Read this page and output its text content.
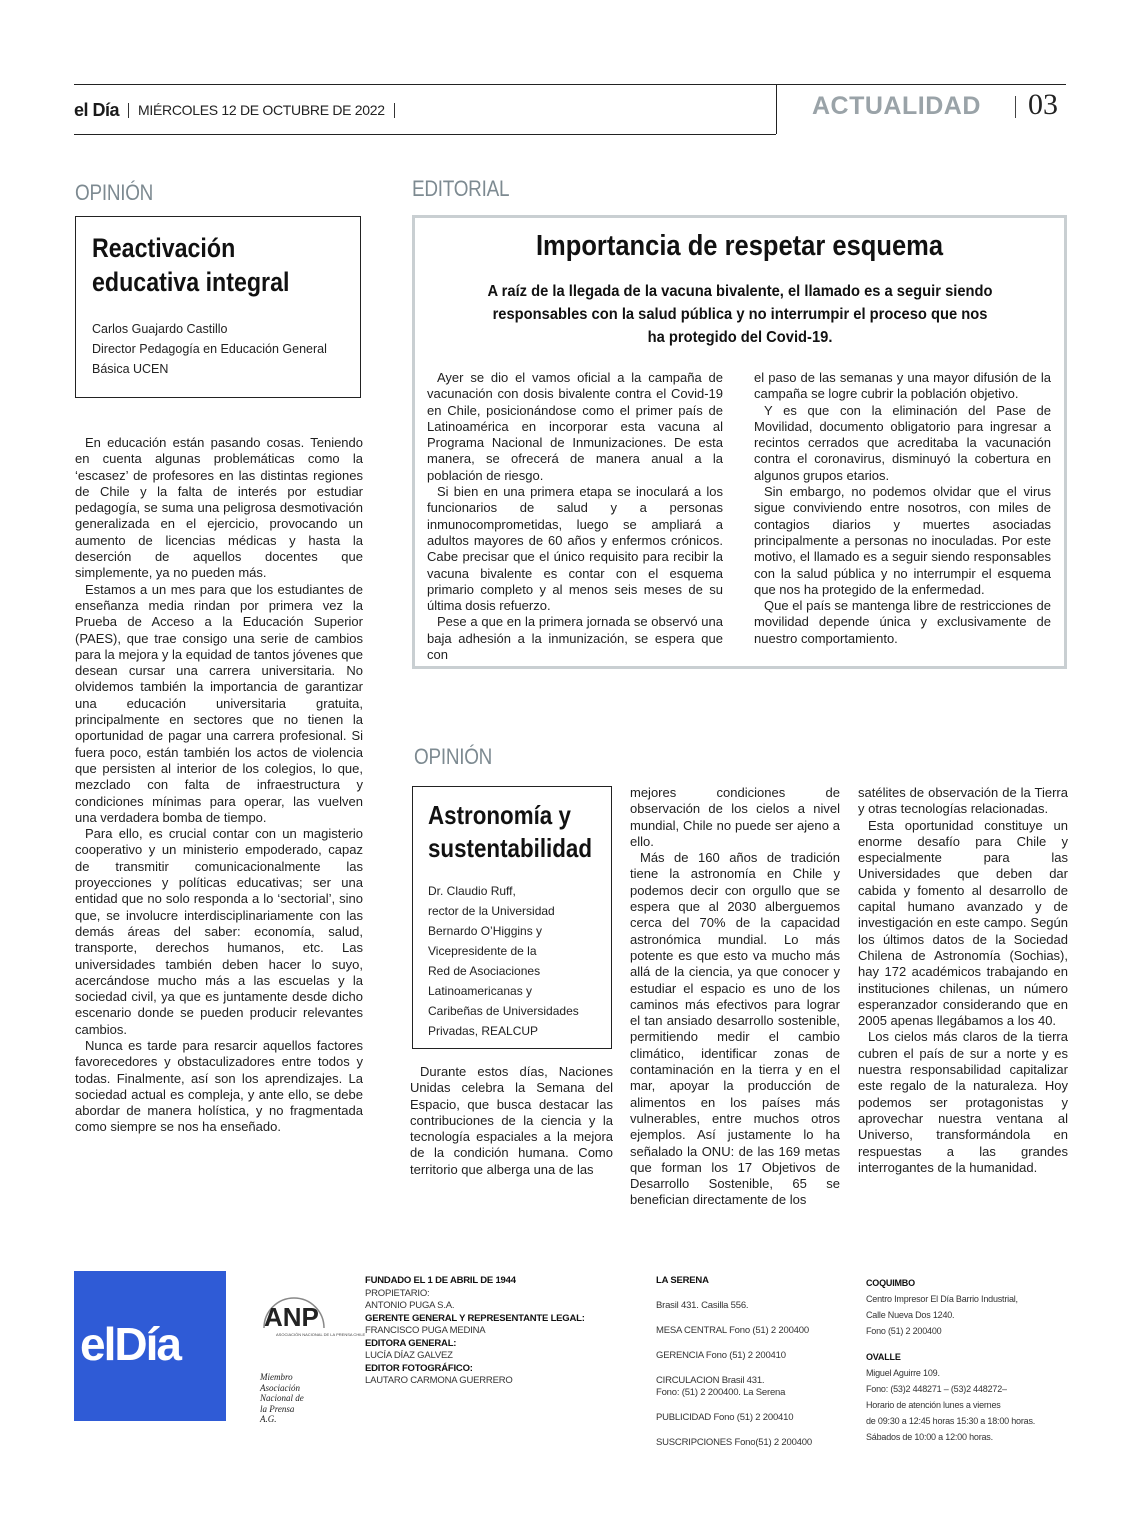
el Día MIÉRCOLES 12 DE OCTUBRE DE 2022	ACTUALIDAD 03
OPINIÓN
Reactivación
educativa integral
Carlos Guajardo Castillo
Director Pedagogía en Educación General
Básica UCEN

En educación están pasando cosas. Teniendo en cuenta algunas problemáticas como la ‘escasez’ de profesores en las distintas regiones de Chile y la falta de interés por estudiar pedagogía, se suma una peligrosa desmotivación generalizada en el ejercicio, provocando un aumento de licencias médicas y hasta la deserción de aquellos docentes que simplemente, ya no pueden más.

Estamos a un mes para que los estudiantes de enseñanza media rindan por primera vez la Prueba de Acceso a la Educación Superior (PAES), que trae consigo una serie de cambios para la mejora y la equidad de tantos jóvenes que desean cursar una carrera universitaria. No olvidemos también la importancia de garantizar una educación universitaria gratuita, principalmente en sectores que no tienen la oportunidad de pagar una carrera profesional. Si fuera poco, están también los actos de violencia que persisten al interior de los colegios, lo que, mezclado con falta de infraestructura y condiciones mínimas para operar, las vuelven una verdadera bomba de tiempo.

Para ello, es crucial contar con un magisterio cooperativo y un ministerio empoderado, capaz de transmitir comunicacionalmente las proyecciones y políticas educativas; ser una entidad que no solo responda a lo ‘sectorial’, sino que, se involucre interdisciplinariamente con las demás áreas del saber: economía, salud, transporte, derechos humanos, etc. Las universidades también deben hacer lo suyo, acercándose mucho más a las escuelas y la sociedad civil, ya que es juntamente desde dicho escenario donde se pueden producir relevantes cambios.

Nunca es tarde para resarcir aquellos factores favorecedores y obstaculizadores entre todos y todas. Finalmente, así son los aprendizajes. La sociedad actual es compleja, y ante ello, se debe abordar de manera holística, y no fragmentada como siempre se nos ha enseñado.

EDITORIAL
Importancia de respetar esquema
A raíz de la llegada de la vacuna bivalente, el llamado es a seguir siendo responsables con la salud pública y no interrumpir el proceso que nos ha protegido del Covid-19.

Ayer se dio el vamos oficial a la campaña de vacunación con dosis bivalente contra el Covid-19 en Chile, posicionándose como el primer país de Latinoamérica en incorporar esta vacuna al Programa Nacional de Inmunizaciones. De esta manera, se ofrecerá de manera anual a la población de riesgo.

Si bien en una primera etapa se inoculará a los funcionarios de salud y a personas inmunocomprometidas, luego se ampliará a adultos mayores de 60 años y enfermos crónicos. Cabe precisar que el único requisito para recibir la vacuna bivalente es contar con el esquema primario completo y al menos seis meses de su última dosis refuerzo.

Pese a que en la primera jornada se observó una baja adhesión a la inmunización, se espera que con

el paso de las semanas y una mayor difusión de la campaña se logre cubrir la población objetivo.

Y es que con la eliminación del Pase de Movilidad, documento obligatorio para ingresar a recintos cerrados que acreditaba la vacunación contra el coronavirus, disminuyó la cobertura en algunos grupos etarios.

Sin embargo, no podemos olvidar que el virus sigue conviviendo entre nosotros, con miles de contagios diarios y muertes asociadas principalmente a personas no inoculadas. Por este motivo, el llamado es a seguir siendo responsables con la salud pública y no interrumpir el esquema que nos ha protegido de la enfermedad.

Que el país se mantenga libre de restricciones de movilidad depende única y exclusivamente de nuestro comportamiento.

OPINIÓN
Astronomía y
sustentabilidad
Dr. Claudio Ruff,
rector de la Universidad
Bernardo O’Higgins y
Vicepresidente de la
Red de Asociaciones
Latinoamericanas y
Caribeñas de Universidades
Privadas, REALCUP

Durante estos días, Naciones Unidas celebra la Semana del Espacio, que busca destacar las contribuciones de la ciencia y la tecnología espaciales a la mejora de la condición humana. Como territorio que alberga una de las

mejores condiciones de observación de los cielos a nivel mundial, Chile no puede ser ajeno a ello.

Más de 160 años de tradición tiene la astronomía en Chile y podemos decir con orgullo que se espera que al 2030 alberguemos cerca del 70% de la capacidad astronómica mundial. Lo más potente es que esto va mucho más allá de la ciencia, ya que conocer y estudiar el espacio es uno de los caminos más efectivos para lograr el tan ansiado desarrollo sostenible, permitiendo medir el cambio climático, identificar zonas de contaminación en la tierra y en el mar, apoyar la producción de alimentos en los países más vulnerables, entre muchos otros ejemplos. Así justamente lo ha señalado la ONU: de las 169 metas que forman los 17 Objetivos de Desarrollo Sostenible, 65 se benefician directamente de los

satélites de observación de la Tierra y otras tecnologías relacionadas.

Esta oportunidad constituye un enorme desafío para Chile y especialmente para las Universidades que deben dar cabida y fomento al desarrollo de capital humano avanzado y de investigación en este campo. Según los últimos datos de la Sociedad Chilena de Astronomía (Sochias), hay 172 académicos trabajando en instituciones chilenas, un número esperanzador considerando que en 2005 apenas llegábamos a los 40.

Los cielos más claros de la tierra cubren el país de sur a norte y es nuestra responsabilidad capitalizar este regalo de la naturaleza. Hoy podemos ser protagonistas y aprovechar nuestra ventana al Universo, transformándola en respuestas a las grandes interrogantes de la humanidad.

elDía
ANP
ASOCIACIÓN NACIONAL DE LA PRENSA CHILE
Miembro
Asociación
Nacional de
la Prensa
A.G.
FUNDADO EL 1 DE ABRIL DE 1944
PROPIETARIO:
ANTONIO PUGA S.A.
GERENTE GENERAL Y REPRESENTANTE LEGAL:
FRANCISCO PUGA MEDINA
EDITORA GENERAL:
LUCÍA DÍAZ GALVEZ
EDITOR FOTOGRÁFICO:
LAUTARO CARMONA GUERRERO
LA SERENA
Brasil 431. Casilla 556.
MESA CENTRAL Fono (51) 2 200400
GERENCIA Fono (51) 2 200410
CIRCULACION Brasil 431.
Fono: (51) 2 200400. La Serena
PUBLICIDAD Fono (51) 2 200410
SUSCRIPCIONES Fono(51) 2 200400
COQUIMBO
Centro Impresor El Día Barrio Industrial,
Calle Nueva Dos 1240.
Fono (51) 2 200400
OVALLE
Miguel Aguirre 109.
Fono: (53)2 448271 – (53)2 448272–
Horario de atención lunes a viernes
de 09:30 a 12:45 horas 15:30 a 18:00 horas.
Sábados de 10:00 a 12:00 horas.
